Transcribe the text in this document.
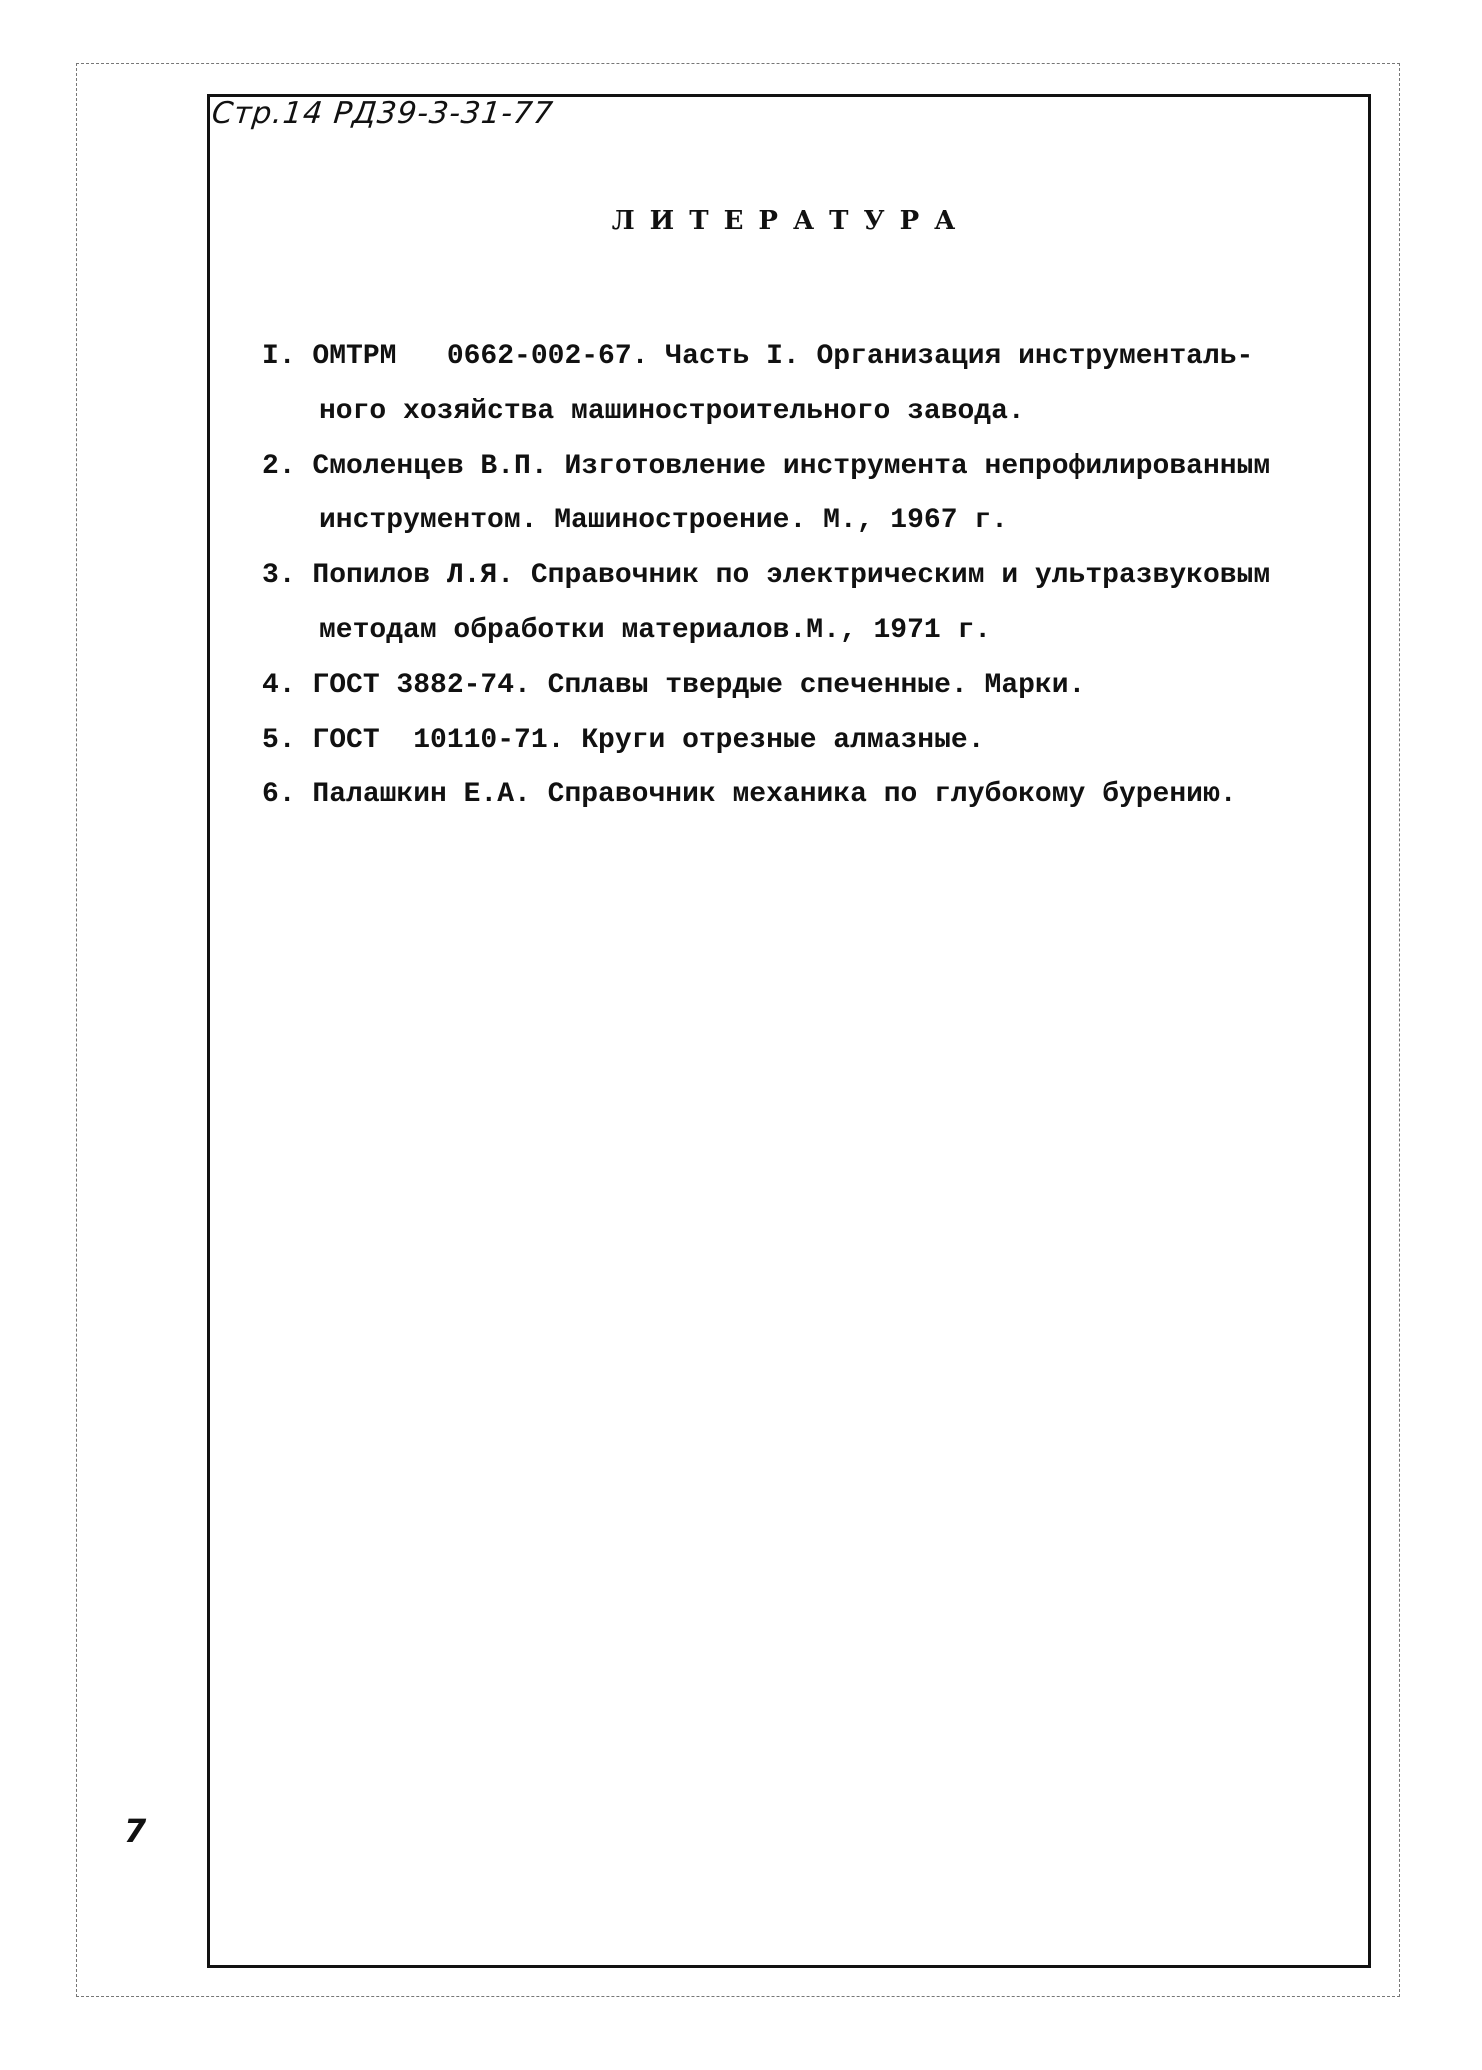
Стр.14 РД39-3-31-77
ЛИТЕРАТУРА
I. ОМТРМ   0662-002-67. Часть I. Организация инструменталь-
ного хозяйства машиностроительного завода.
2. Смоленцев В.П. Изготовление инструмента непрофилированным
инструментом. Машиностроение. М., 1967 г.
3. Попилов Л.Я. Справочник по электрическим и ультразвуковым
методам обработки материалов.М., 1971 г.
4. ГОСТ 3882-74. Сплавы твердые спеченные. Марки.
5. ГОСТ  10110-71. Круги отрезные алмазные.
6. Палашкин Е.А. Справочник механика по глубокому бурению.
7
